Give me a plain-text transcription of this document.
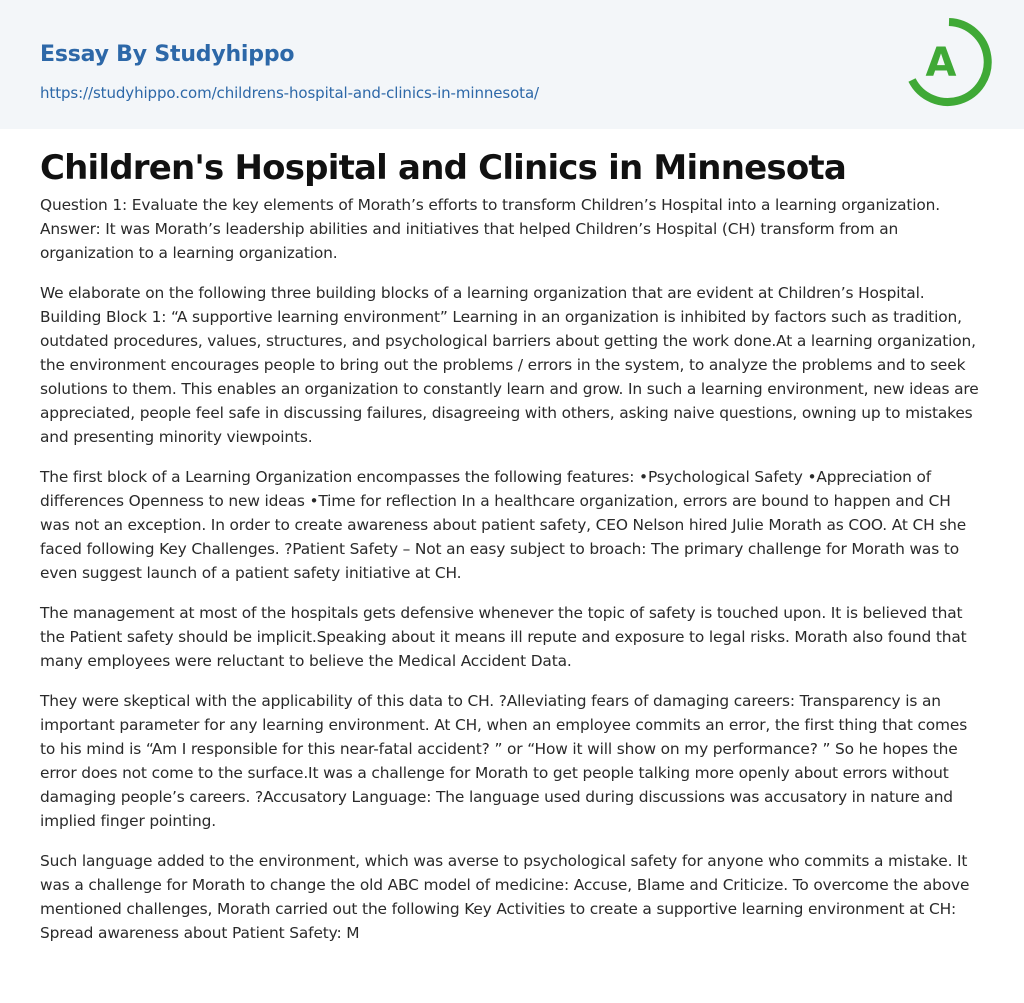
Essay By Studyhippo
https://studyhippo.com/childrens-hospital-and-clinics-in-minnesota/
A
Children's Hospital and Clinics in Minnesota

Question 1: Evaluate the key elements of Morath’s efforts to transform Children’s Hospital into a learning organization. Answer: It was Morath’s leadership abilities and initiatives that helped Children’s Hospital (CH) transform from an organization to a learning organization.

We elaborate on the following three building blocks of a learning organization that are evident at Children’s Hospital. Building Block 1: “A supportive learning environment” Learning in an organization is inhibited by factors such as tradition, outdated procedures, values, structures, and psychological barriers about getting the work done.At a learning organization, the environment encourages people to bring out the problems / errors in the system, to analyze the problems and to seek solutions to them. This enables an organization to constantly learn and grow. In such a learning environment, new ideas are appreciated, people feel safe in discussing failures, disagreeing with others, asking naive questions, owning up to mistakes and presenting minority viewpoints.

The first block of a Learning Organization encompasses the following features: •Psychological Safety •Appreciation of differences Openness to new ideas •Time for reflection In a healthcare organization, errors are bound to happen and CH was not an exception. In order to create awareness about patient safety, CEO Nelson hired Julie Morath as COO. At CH she faced following Key Challenges. ?Patient Safety – Not an easy subject to broach: The primary challenge for Morath was to even suggest launch of a patient safety initiative at CH.

The management at most of the hospitals gets defensive whenever the topic of safety is touched upon. It is believed that the Patient safety should be implicit.Speaking about it means ill repute and exposure to legal risks. Morath also found that many employees were reluctant to believe the Medical Accident Data.

They were skeptical with the applicability of this data to CH. ?Alleviating fears of damaging careers: Transparency is an important parameter for any learning environment. At CH, when an employee commits an error, the first thing that comes to his mind is “Am I responsible for this near-fatal accident? ” or “How it will show on my performance? ” So he hopes the error does not come to the surface.It was a challenge for Morath to get people talking more openly about errors without damaging people’s careers. ?Accusatory Language: The language used during discussions was accusatory in nature and implied finger pointing.

Such language added to the environment, which was averse to psychological safety for anyone who commits a mistake. It was a challenge for Morath to change the old ABC model of medicine: Accuse, Blame and Criticize. To overcome the above mentioned challenges, Morath carried out the following Key Activities to create a supportive learning environment at CH: Spread awareness about Patient Safety: M
